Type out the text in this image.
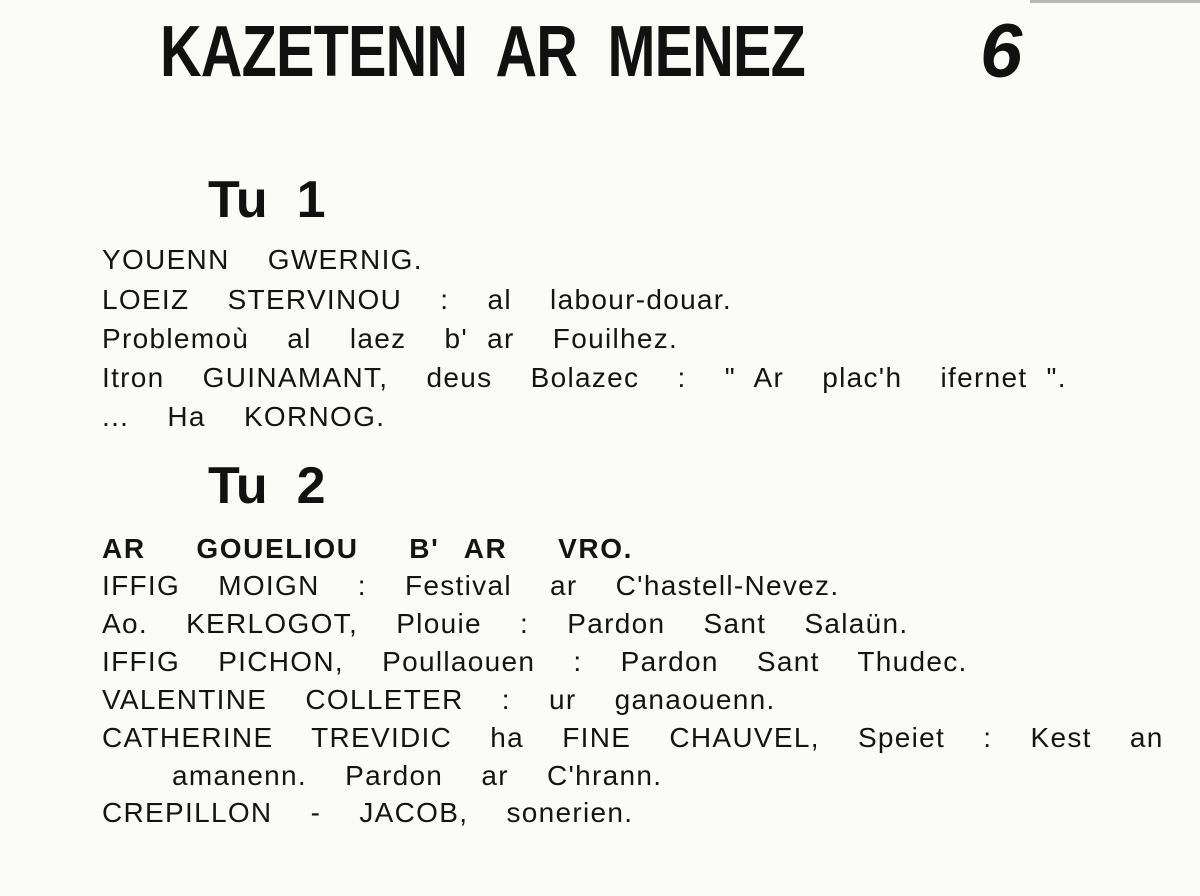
KAZETENN  AR  MENEZ 6
Tu  1
YOUENN  GWERNIG.
LOEIZ  STERVINOU  :  al  labour-douar.
Problemoù  al  laez  b' ar  Fouilhez.
Itron  GUINAMANT,  deus  Bolazec  :  " Ar  plac'h  ifernet ".
...  Ha  KORNOG.
Tu  2
AR  GOUELIOU  B' AR  VRO.
IFFIG  MOIGN  :  Festival  ar  C'hastell-Nevez.
Ao.  KERLOGOT,  Plouie  :  Pardon  Sant  Salaün.
IFFIG  PICHON,  Poullaouen  :  Pardon  Sant  Thudec.
VALENTINE  COLLETER  :  ur  ganaouenn.
CATHERINE  TREVIDIC  ha  FINE  CHAUVEL,  Speiet  :  Kest  an
amanenn.  Pardon  ar  C'hrann.
CREPILLON  -  JACOB,  sonerien.
